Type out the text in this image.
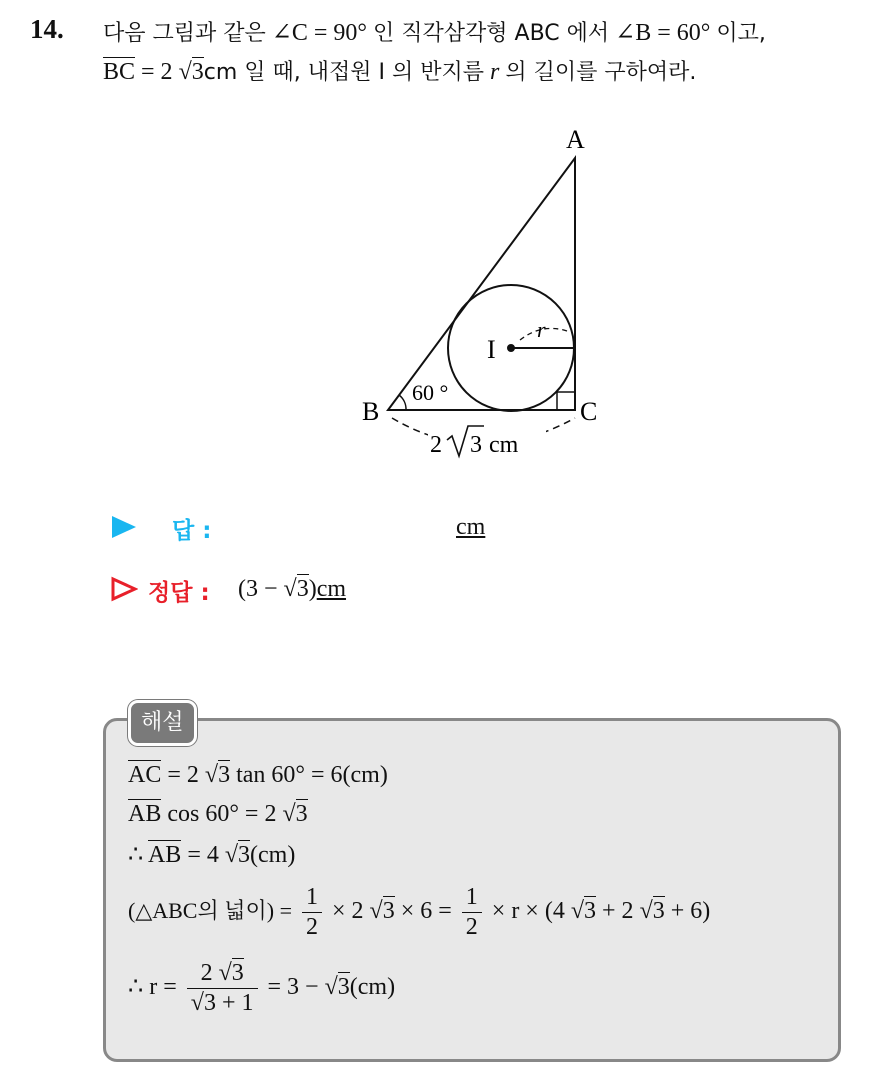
14. 다음 그림과 같은 ∠C = 90° 인 직각삼각형 ABC 에서 ∠B = 60° 이고,
BC = 2 √3cm 일 때, 내접원 I 의 반지름 r 의 길이를 구하여라.
A
B	C
I
r
60 °
2 3 cm
답 :	cm
정답 : (3 − √3)cm
해설
AC = 2 √3 tan 60° = 6(cm)
AB cos 60° = 2 √3
∴ AB = 4 √3(cm)
(△ABC의 넓이) = $\frac{1}{2} \times 2$ $√3 \times 6 = \frac{1}{2} \times r \times (4$ √3 + 2 √3 + 6)
∴ $r = \frac{2 √3}{√3 + 1} = 3 - √3(cm)$
